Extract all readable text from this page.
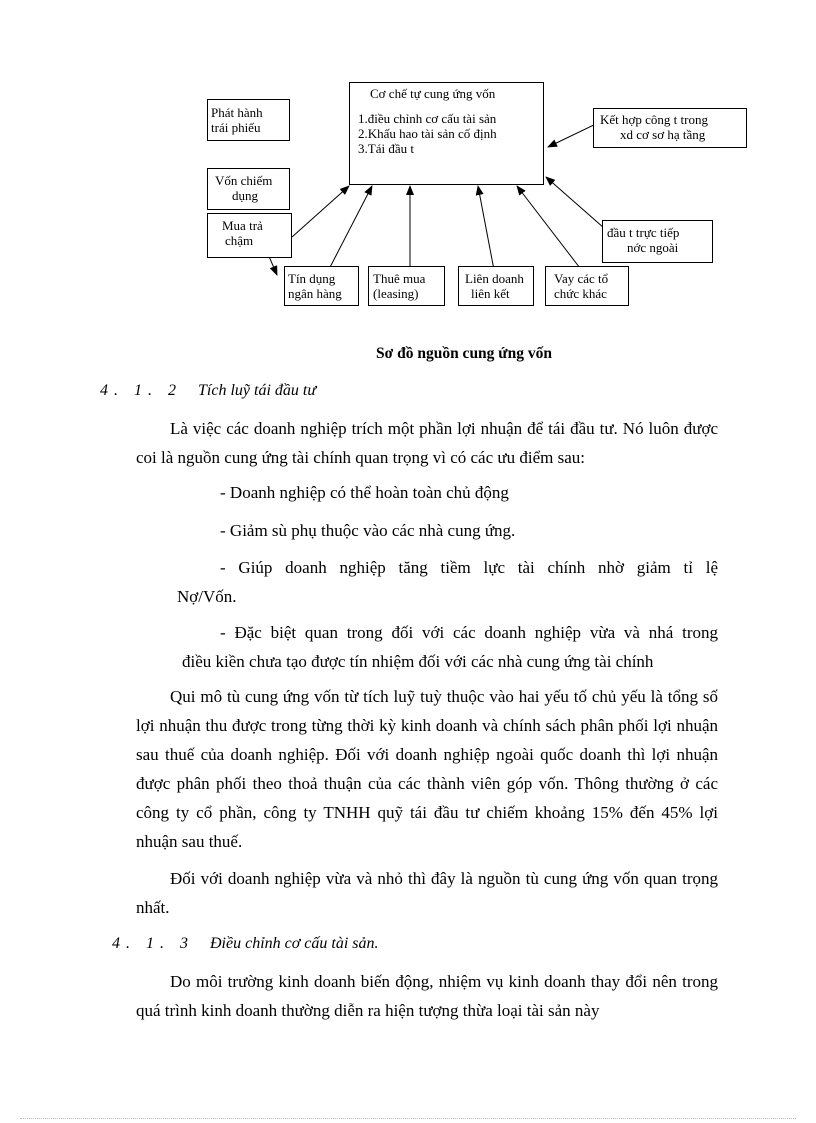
Cơ chế tự cung ứng vốn
1.điều chỉnh cơ cấu tài sản
2.Khấu hao tài sản cố định
3.Tái đầu t
Phát hành
trái phiếu
Vốn chiếm
dụng
Mua trả
chậm
Tín dụng
ngân hàng
Thuê mua
(leasing)
Liên doanh
liên kết
Vay các tổ
chức khác
Kết hợp công t trong
xd cơ sơ hạ tầng
đầu t trực tiếp
nớc ngoài
Sơ đồ nguồn cung ứng vốn
4. 1. 2 Tích luỹ tái đầu tư
Là việc các doanh nghiệp trích một phần lợi nhuận để tái đầu tư. Nó luôn được coi là nguồn cung ứng tài chính quan trọng vì có các ưu điểm sau:
- Doanh nghiệp có thể hoàn toàn chủ động
- Giảm sù phụ thuộc vào các nhà cung ứng.
- Giúp doanh nghiệp tăng tiềm lực tài chính nhờ giảm tỉ lệ
Nợ/Vốn.
- Đặc biệt quan trong đối với các doanh nghiệp vừa và nhá trong
điều kiền chưa tạo được tín nhiệm đối với các nhà cung ứng tài chính
Qui mô tù cung ứng vốn từ tích luỹ tuỳ thuộc vào hai yếu tố chủ yếu là tổng số lợi nhuận thu được trong từng thời kỳ kinh doanh và chính sách phân phối lợi nhuận sau thuế của doanh nghiệp. Đối với doanh nghiệp ngoài quốc doanh thì lợi nhuận được phân phối theo thoả thuận của các thành viên góp vốn. Thông thường ở các công ty cổ phần, công ty TNHH quỹ tái đầu tư chiếm khoảng 15% đến 45% lợi nhuận sau thuế.
Đối với doanh nghiệp vừa và nhỏ thì đây là nguồn tù cung ứng vốn quan trọng nhất.
4. 1. 3 Điều chỉnh cơ cấu tài sản.
Do môi trường kinh doanh biến động, nhiệm vụ kinh doanh thay đổi nên trong quá trình kinh doanh thường diễn ra hiện tượng thừa loại tài sản này
